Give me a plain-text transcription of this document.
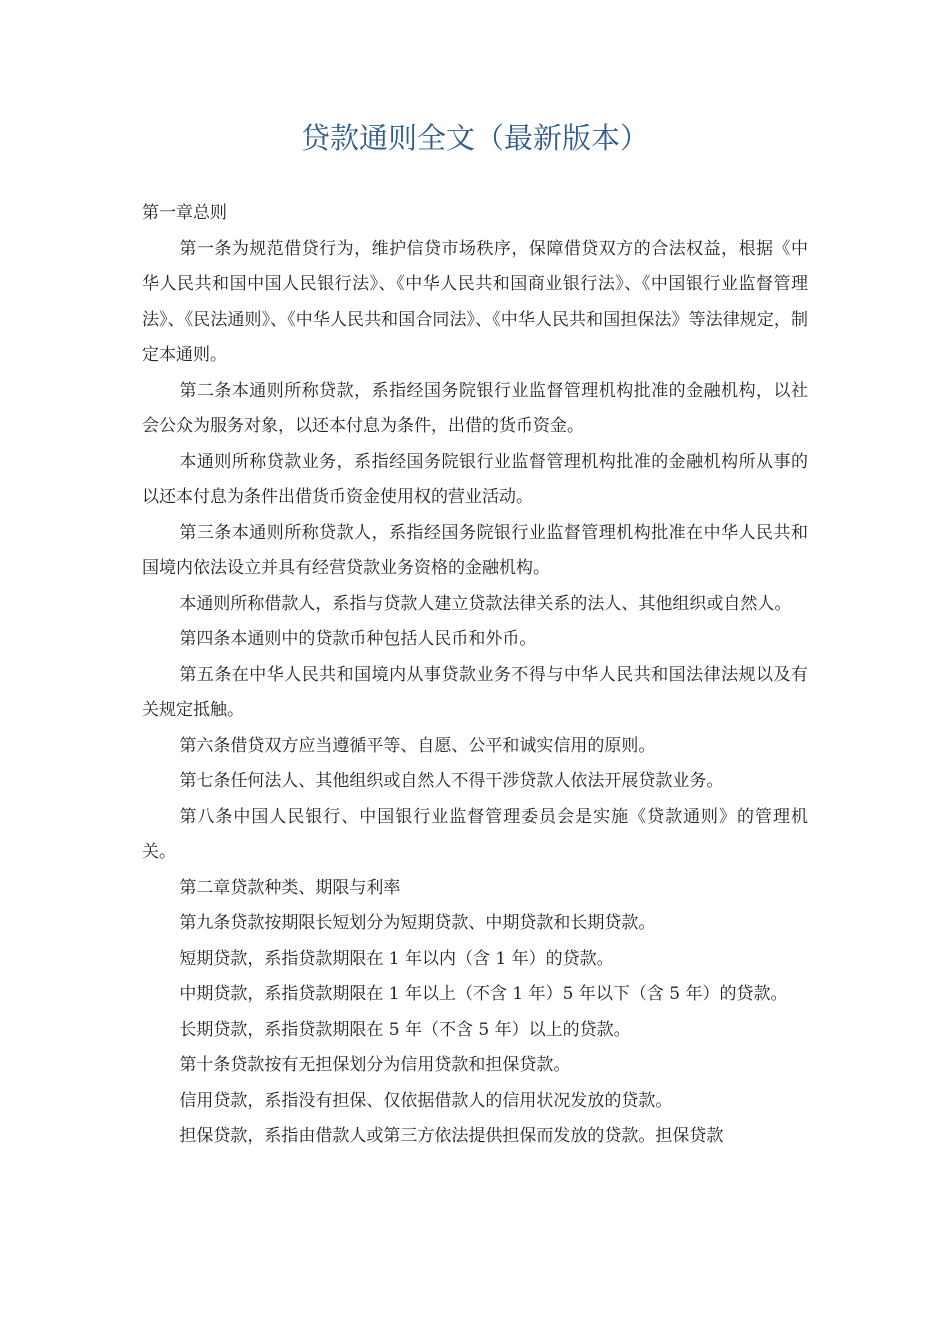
贷款通则全文（最新版本）

第一章总则

第一条为规范借贷行为，维护信贷市场秩序，保障借贷双方的合法权益，根据《中华人民共和国中国人民银行法》、《中华人民共和国商业银行法》、《中国银行业监督管理法》、《民法通则》、《中华人民共和国合同法》、《中华人民共和国担保法》等法律规定，制定本通则。

第二条本通则所称贷款，系指经国务院银行业监督管理机构批准的金融机构，以社会公众为服务对象，以还本付息为条件，出借的货币资金。

本通则所称贷款业务，系指经国务院银行业监督管理机构批准的金融机构所从事的以还本付息为条件出借货币资金使用权的营业活动。

第三条本通则所称贷款人，系指经国务院银行业监督管理机构批准在中华人民共和国境内依法设立并具有经营贷款业务资格的金融机构。

本通则所称借款人，系指与贷款人建立贷款法律关系的法人、其他组织或自然人。

第四条本通则中的贷款币种包括人民币和外币。

第五条在中华人民共和国境内从事贷款业务不得与中华人民共和国法律法规以及有关规定抵触。

第六条借贷双方应当遵循平等、自愿、公平和诚实信用的原则。

第七条任何法人、其他组织或自然人不得干涉贷款人依法开展贷款业务。

第八条中国人民银行、中国银行业监督管理委员会是实施《贷款通则》的管理机关。

第二章贷款种类、期限与利率

第九条贷款按期限长短划分为短期贷款、中期贷款和长期贷款。

短期贷款，系指贷款期限在 1 年以内（含 1 年）的贷款。

中期贷款，系指贷款期限在 1 年以上（不含 1 年）5 年以下（含 5 年）的贷款。

长期贷款，系指贷款期限在 5 年（不含 5 年）以上的贷款。

第十条贷款按有无担保划分为信用贷款和担保贷款。

信用贷款，系指没有担保、仅依据借款人的信用状况发放的贷款。

担保贷款，系指由借款人或第三方依法提供担保而发放的贷款。担保贷款
